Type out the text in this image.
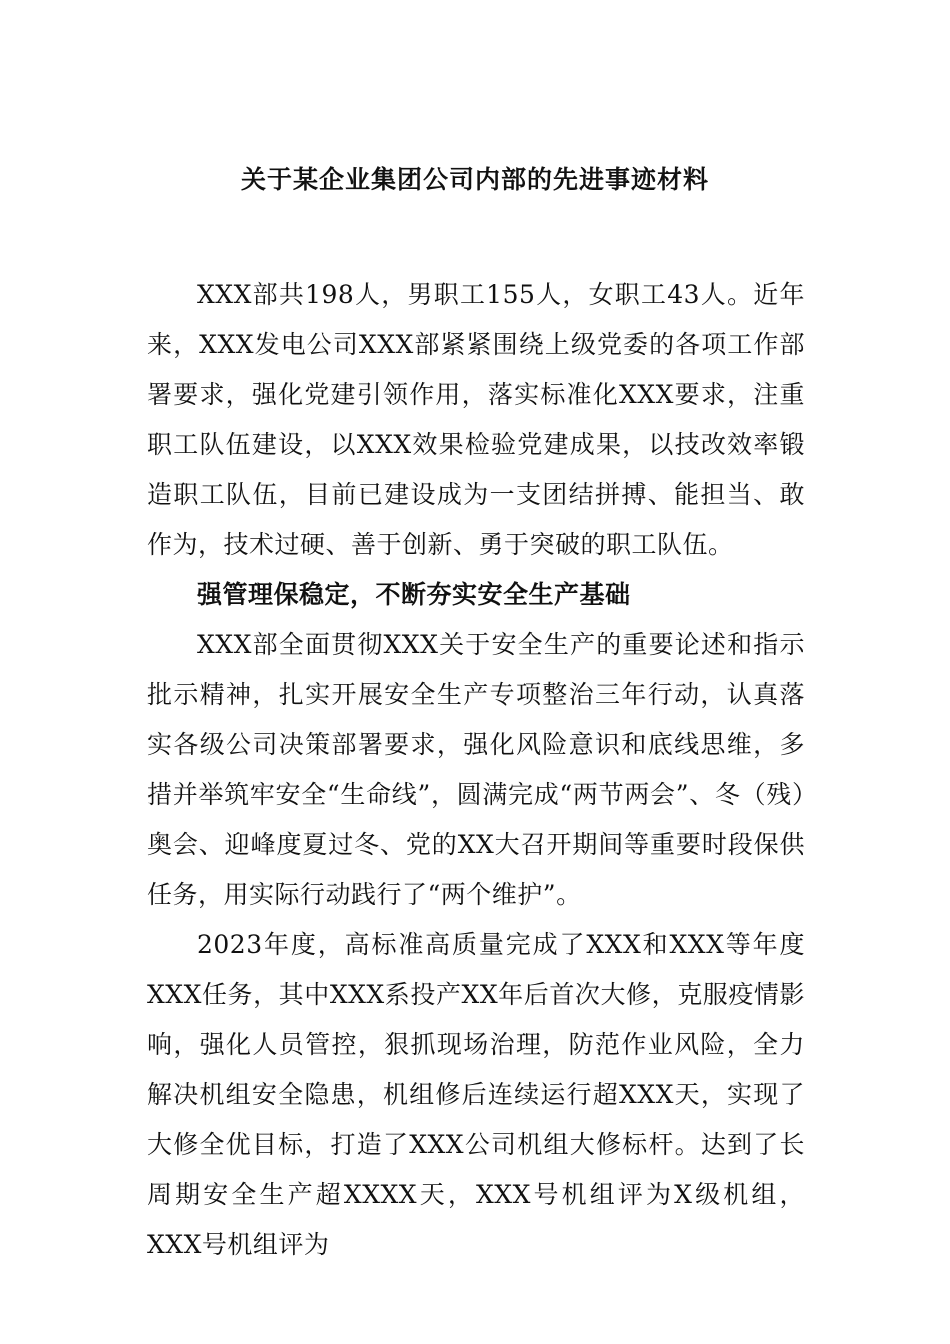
关于某企业集团公司内部的先进事迹材料

XXX部共198人，男职工155人，女职工43人。近年来，XXX发电公司XXX部紧紧围绕上级党委的各项工作部署要求，强化党建引领作用，落实标准化XXX要求，注重职工队伍建设，以XXX效果检验党建成果，以技改效率锻造职工队伍，目前已建设成为一支团结拼搏、能担当、敢作为，技术过硬、善于创新、勇于突破的职工队伍。

强管理保稳定，不断夯实安全生产基础

XXX部全面贯彻XXX关于安全生产的重要论述和指示批示精神，扎实开展安全生产专项整治三年行动，认真落实各级公司决策部署要求，强化风险意识和底线思维，多措并举筑牢安全“生命线”，圆满完成“两节两会”、冬（残）奥会、迎峰度夏过冬、党的XX大召开期间等重要时段保供任务，用实际行动践行了“两个维护”。

2023年度，高标准高质量完成了XXX和XXX等年度XXX任务，其中XXX系投产XX年后首次大修，克服疫情影响，强化人员管控，狠抓现场治理，防范作业风险，全力解决机组安全隐患，机组修后连续运行超XXX天，实现了大修全优目标，打造了XXX公司机组大修标杆。达到了长周期安全生产超XXXX天，XXX号机组评为X级机组，XXX号机组评为
